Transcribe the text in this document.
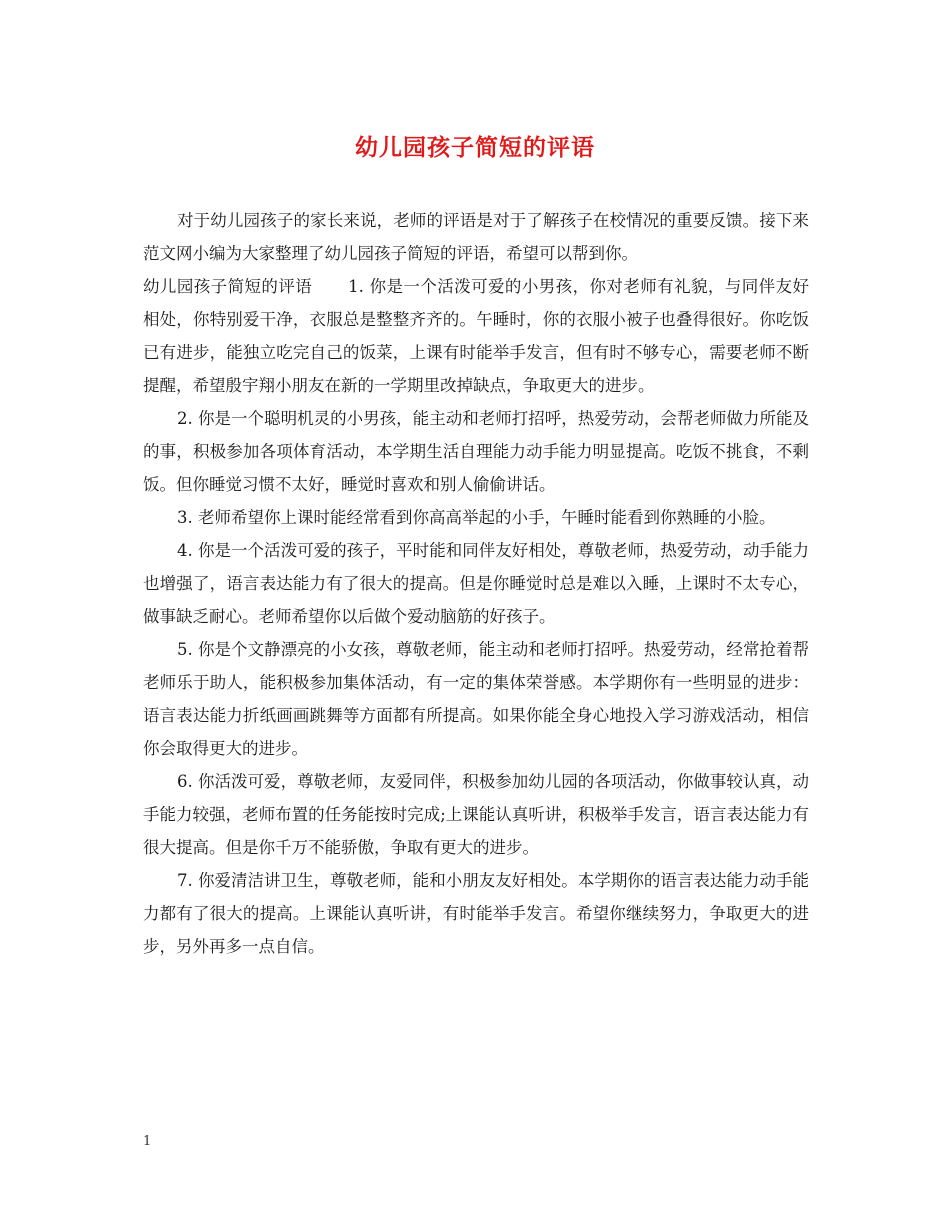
幼儿园孩子简短的评语

对于幼儿园孩子的家长来说，老师的评语是对于了解孩子在校情况的重要反馈。接下来范文网小编为大家整理了幼儿园孩子简短的评语，希望可以帮到你。

幼儿园孩子简短的评语 1. 你是一个活泼可爱的小男孩，你对老师有礼貌，与同伴友好相处，你特别爱干净，衣服总是整整齐齐的。午睡时，你的衣服小被子也叠得很好。你吃饭已有进步，能独立吃完自己的饭菜，上课有时能举手发言，但有时不够专心，需要老师不断提醒，希望殷宇翔小朋友在新的一学期里改掉缺点，争取更大的进步。

2. 你是一个聪明机灵的小男孩，能主动和老师打招呼，热爱劳动，会帮老师做力所能及的事，积极参加各项体育活动，本学期生活自理能力动手能力明显提高。吃饭不挑食，不剩饭。但你睡觉习惯不太好，睡觉时喜欢和别人偷偷讲话。

3. 老师希望你上课时能经常看到你高高举起的小手，午睡时能看到你熟睡的小脸。

4. 你是一个活泼可爱的孩子，平时能和同伴友好相处，尊敬老师，热爱劳动，动手能力也增强了，语言表达能力有了很大的提高。但是你睡觉时总是难以入睡，上课时不太专心，做事缺乏耐心。老师希望你以后做个爱动脑筋的好孩子。

5. 你是个文静漂亮的小女孩，尊敬老师，能主动和老师打招呼。热爱劳动，经常抢着帮老师乐于助人，能积极参加集体活动，有一定的集体荣誉感。本学期你有一些明显的进步：语言表达能力折纸画画跳舞等方面都有所提高。如果你能全身心地投入学习游戏活动，相信你会取得更大的进步。

6. 你活泼可爱，尊敬老师，友爱同伴，积极参加幼儿园的各项活动，你做事较认真，动手能力较强，老师布置的任务能按时完成;上课能认真听讲，积极举手发言，语言表达能力有很大提高。但是你千万不能骄傲，争取有更大的进步。

7. 你爱清洁讲卫生，尊敬老师，能和小朋友友好相处。本学期你的语言表达能力动手能力都有了很大的提高。上课能认真听讲，有时能举手发言。希望你继续努力，争取更大的进步，另外再多一点自信。

1
